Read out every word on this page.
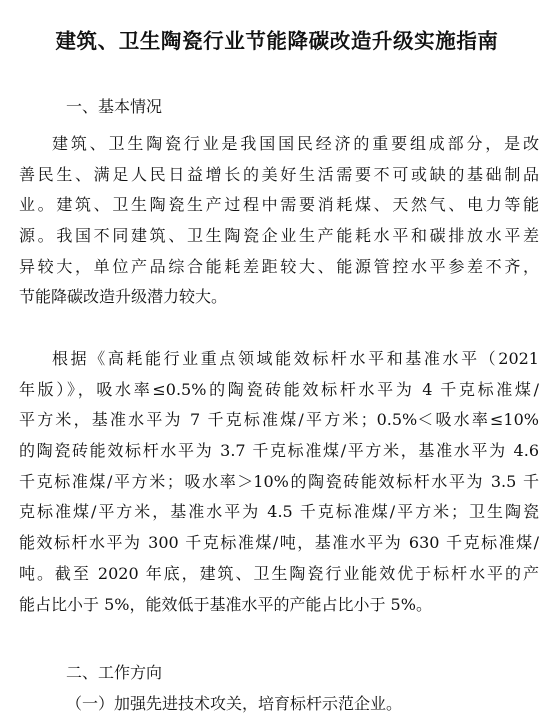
建筑、卫生陶瓷行业节能降碳改造升级实施指南
一、基本情况
建筑、卫生陶瓷行业是我国国民经济的重要组成部分，是改
善民生、满足人民日益增长的美好生活需要不可或缺的基础制品
业。建筑、卫生陶瓷生产过程中需要消耗煤、天然气、电力等能
源。我国不同建筑、卫生陶瓷企业生产能耗水平和碳排放水平差
异较大，单位产品综合能耗差距较大、能源管控水平参差不齐，
节能降碳改造升级潜力较大。
根据《高耗能行业重点领域能效标杆水平和基准水平（2021
年版）》，吸水率≤0.5%的陶瓷砖能效标杆水平为 4 千克标准煤/
平方米，基准水平为 7 千克标准煤/平方米；0.5%＜吸水率≤10%
的陶瓷砖能效标杆水平为 3.7 千克标准煤/平方米，基准水平为 4.6
千克标准煤/平方米；吸水率＞10%的陶瓷砖能效标杆水平为 3.5 千
克标准煤/平方米，基准水平为 4.5 千克标准煤/平方米；卫生陶瓷
能效标杆水平为 300 千克标准煤/吨，基准水平为 630 千克标准煤/
吨。截至 2020 年底，建筑、卫生陶瓷行业能效优于标杆水平的产
能占比小于 5%，能效低于基准水平的产能占比小于 5%。
二、工作方向
（一）加强先进技术攻关，培育标杆示范企业。
